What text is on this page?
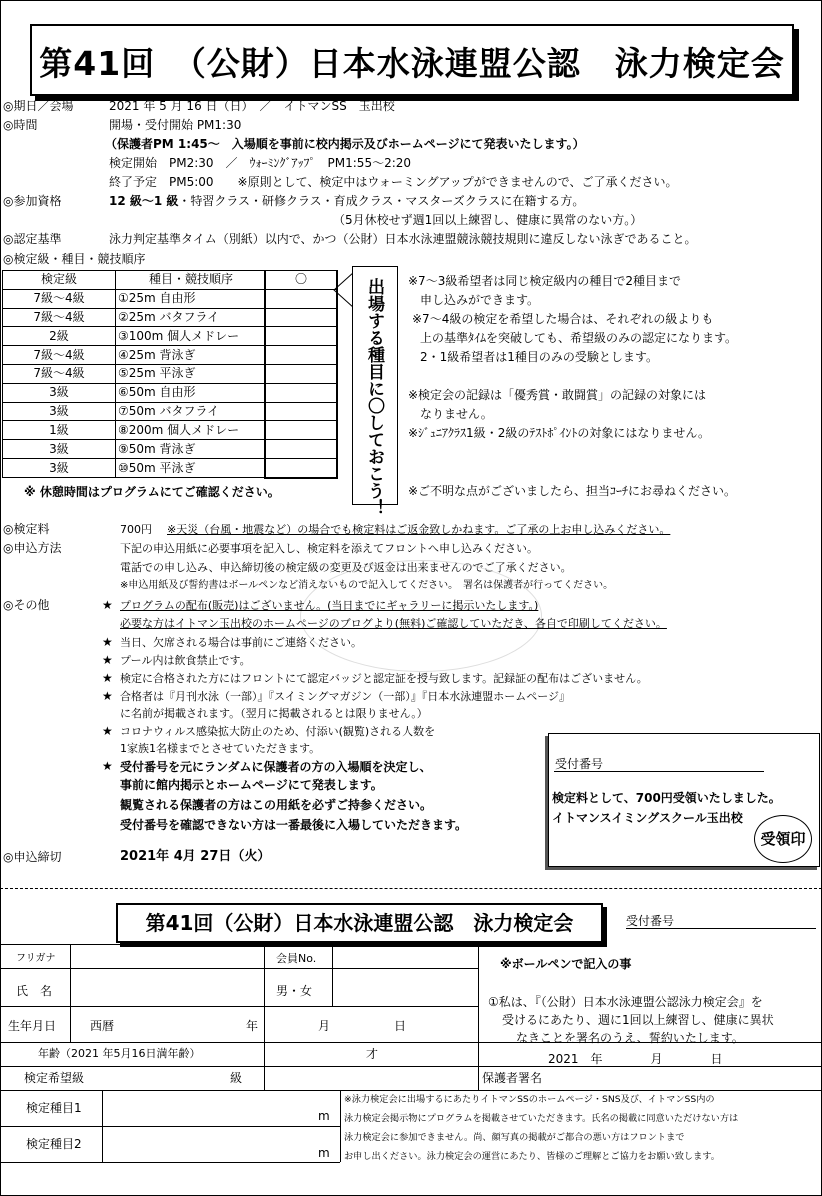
第41回　（公財）日本水泳連盟公認　泳力検定会
◎期日／会場	2021 年 5 月 16 日（日）　／　イトマンSS　玉出校
◎時間	開場・受付開始 PM1:30
（保護者PM 1:45～　入場順を事前に校内掲示及びホームページにて発表いたします。）
検定開始　PM2:30　／　ｳｫｰﾐﾝｸﾞｱｯﾌﾟ　PM1:55～2:20
終了予定　PM5:00　　※原則として、検定中はウォーミングアップができませんので、ご了承ください。
◎参加資格	12 級～1 級・特習クラス・研修クラス・育成クラス・マスターズクラスに在籍する方。
（5月休校せず週1回以上練習し、健康に異常のない方。）
◎認定基準	泳力判定基準タイム（別紙）以内で、かつ（公財）日本水泳連盟競泳競技規則に違反しない泳ぎであること。
◎検定級・種目・競技順序
検定級	種目・競技順序	〇
7級～4級	①25m 自由形	
7級～4級	②25m バタフライ	
2級	③100m 個人メドレー	
7級～4級	④25m 背泳ぎ	
7級～4級	⑤25m 平泳ぎ	
3級	⑥50m 自由形	
3級	⑦50m バタフライ	
1級	⑧200m 個人メドレー	
3級	⑨50m 背泳ぎ	
3級	⑩50m 平泳ぎ	
※ 休憩時間はプログラムにてご確認ください。	出場する種目に〇しておこう！ ※7～3級希望者は同じ検定級内の種目で2種目まで
申し込みができます。
※7～4級の検定を希望した場合は、それぞれの級よりも
上の基準ﾀｲﾑを突破しても、希望級のみの認定になります。
2・1級希望者は1種目のみの受験とします。
※検定会の記録は「優秀賞・敢闘賞」の記録の対象には
なりません。
※ｼﾞｭﾆｱｸﾗｽ1級・2級のﾃｽﾄﾎﾟｲﾝﾄの対象にはなりません。
※ご不明な点がございましたら、担当ｺｰﾁにお尋ねください。
◎検定料	700円 ※天災（台風・地震など）の場合でも検定料はご返金致しかねます。ご了承の上お申し込みください。
◎申込方法	下記の申込用紙に必要事項を記入し、検定料を添えてフロントへ申し込みください。
電話での申し込み、申込締切後の検定級の変更及び返金は出来ませんのでご了承ください。
※申込用紙及び誓約書はボールペンなど消えないもので記入してください。　署名は保護者が行ってください。
◎その他	★ プログラムの配布(販売)はございません。(当日までにギャラリーに掲示いたします。)
必要な方はイトマン玉出校のホームページのブログより(無料)ご確認していただき、各自で印刷してください。
★ 当日、欠席される場合は事前にご連絡ください。
★ プール内は飲食禁止です。
★ 検定に合格された方にはフロントにて認定バッジと認定証を授与致します。記録証の配布はございません。
★ 合格者は『月刊水泳（一部）』『スイミングマガジン（一部）』『日本水泳連盟ホームページ』
に名前が掲載されます。（翌月に掲載されるとは限りません。）
★ コロナウィルス感染拡大防止のため、付添い(観覧)される人数を
1家族1名様までとさせていただきます。
★ 受付番号を元にランダムに保護者の方の入場順を決定し、
事前に館内掲示とホームページにて発表します。
観覧される保護者の方はこの用紙を必ずご持参ください。
受付番号を確認できない方は一番最後に入場していただきます。
受付番号
検定料として、700円受領いたしました。
イトマンスイミングスクール玉出校
受領印
◎申込締切	2021年 4月 27日（火）
第41回（公財）日本水泳連盟公認　泳力検定会	受付番号
フリガナ	会員No.
氏　名	男・女
生年月日	西暦	年	月	日
年齢（2021 年5月16日満年齢）	才
検定希望級	級
検定種目1
m
検定種目2
m
※ボールペンで記入の事
①私は、『（公財）日本水泳連盟公認泳力検定会』を
受けるにあたり、週に1回以上練習し、健康に異状
なきことを署名のうえ、誓約いたします。
2021　年　　　　月　　　　日
保護者署名
※泳力検定会に出場するにあたりイトマンSSのホームページ・SNS及び、イトマンSS内の
泳力検定会掲示物にプログラムを掲載させていただきます。氏名の掲載に同意いただけない方は
泳力検定会に参加できません。尚、顔写真の掲載がご都合の悪い方はフロントまで
お申し出ください。泳力検定会の運営にあたり、皆様のご理解とご協力をお願い致します。
